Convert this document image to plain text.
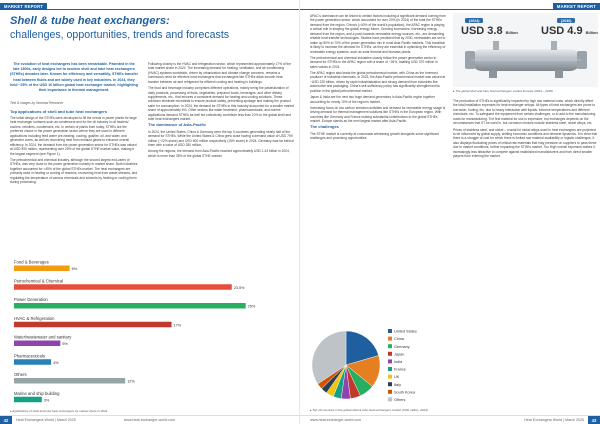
MARKET REPORT
Shell & tube heat exchangers:
challenges, opportunities, trends and forecasts
The evolution of heat exchangers has been remarkable. Patented in the late 1800s, early designs led to modern shell and tube heat exchangers (STHEs) decades later. Known for efficiency and versatility, STHEs transfer heat between fluids and are widely used in key industries. In 2024, they held ~25% of the USD 16 billion global heat exchanger market, highlighting their importance in thermal management.
Text & images by Nominal Research
Top applications of shell and tube heat exchangers

The initial design of the STHEs were developed to fill the needs in power plants for large heat exchanger surfaces such as condensers and for the oil industry in oil heaters/ coolers, reboilers, condensers, etc. In certain of plants from today, STHEs are the preferred choice in the power generation sector where they are used in different applications including feed water pre-heating, cooling, gasifier, oil, and water, and generator cores, as well as recovering heat from exhaust gases to enhance overall efficiency. In 2024, the demand from the power generation sector for STHEs was valued at USD 990 million, representing over 25% of the global STHE market value, making it the largest segment (see Figure 1).

The petrochemical and chemical industry, although the second largest end-users of STHEs, was very close to the power generation industry in market share. Both industries together accounted for >45% of the global STHEs market. The heat exchangers are primarily used in heating or cooling of reactors, recovering heat from waste streams, and regulating the temperature of various chemicals and solvents by heating or cooling them during processing.

Following closely is the HVAC and refrigeration sector, which represented approximately 17% of the total market share in 2024. The increasing demand for heating, ventilation, and air conditioning (HVAC) systems worldwide, driven by urbanization and climate change concerns, remains a continuous need for effective heat exchangers that exchangers like STHEs allow smooth heat transfer between air and refrigerant for efficient cooling and heating in buildings.

The food and beverage industry comprises different operations, mainly being the pasteurization of dairy products, processing of fruits, vegetables, prepared foods, beverages, and other dietary supplements, etc., that ensures a consistent demand for heating and cooling solutions. These solutions eliminate microbials to ensure product safety, preventing spoilage and making the product safer for consumption. In 2024, the demand for STHEs in this industry accounted for a smaller market share of approximately 6%. Other sectors like water treatment, pharmaceuticals, and marine applications demand STHEs as well but collectively contribute less than 10% to the global shell and tube heat exchangers market.

The dominance of Asia-Pacific

In 2024, the United States, China & Germany were the top 3 countries generating nearly half of the demand for STHEs. While the United States & China grew close having a demand value of USD 799 million (~22% share) and USD 600 million respectively (15% share) in 2024, Germany was far behind them with a value of USD 280 million.

Among the regions, the demand from Asia-Pacific reached approximately USD 1.43 billion in 2024, which is more than 35% of the global STHE market.

Food & Beverages
6%
Petrochemical & Chemical
23.5%
Power Generation
25%
HVAC & Refrigeration
17%
Water/wastewater and sanitary
5%
Pharmaceuticals
4%
Others
12%
Marine and ship building
3%
▸ Applications of shell and tube heat exchangers by market share in 2024
42	Heat Exchangers World | March 2025	www.heat-exchanger-world.com
MARKET REPORT

APAC's dominance can be linked to certain factors including a significant demand coming from the power generation sector, which accounted for over 20% (in 2024) of the total the STHEs demand from the region. China's (>40% of the world's population), the APAC region is playing a critical role in shaping the global energy future. Growing economies, increasing energy demand from the region, and a push towards renewable energy sources, etc., are demanding reliable heat transfer technologies. Studies have predicted that by 2030, renewables are set to make up 50% to 70% of the power generation mix in most Asia Pacific markets. This transition is likely to increase the demand for STHEs, as they are essential in optimizing the efficiency of renewable energy systems, such as solar thermal and biomass plants.

The petrochemical and chemical industries closely follow the power generation sector in demand for STHEs in the APAC region with a share of ~26%, totalling USD 370 million in sales values in 2024.

The APAC region also leads the global petrochemical market, with China as the foremost producer of industrial chemicals. In 2023, the Asia-Pacific petrochemical market was valued at ~USD 220 billion, driven by rapid industrialization and strong demand from industries like automotive and packaging. China's self-sufficiency policy has significantly strengthened its position in the global petrochemical market.

Japan & India are the next two huge demand generators in Asia-Pacific region together accounting for nearly 10% of the region's market.

Increasing focus on low carbon emission activities and demand for renewable energy usage is driving demand for thermal management solutions like STHEs in the European region. With countries like Germany and France making substantial contributions to the global STHEs market. Europe stands as the next largest market after Asia-Pacific.

The challenges

The STHE market is currently at crossroads witnessing growth alongside some significant challenges and promising opportunities.

(2024)
USD 3.8 Billion
(2030)
USD 4.9 Billion
▸ The global shell and tube heat exchangers market forecast (2024 – 2030)

The production of STHEs is significantly impacted by high raw material costs, which directly affect the total installation expenses for heat exchanger setups. All types of heat exchangers are prone to corrosion, fouling, etc. due to heavy interaction with liquids, extreme temperatures and different chemicals, etc. To safeguard the equipment from certain challenges, or to add to the manufacturing costs for manufacturing. The first material for use is expensive, but exchanges depends on the circumstances that ST be used in, but corrosion choices include stainless steel, nickel alloys, etc.

Prices of stainless steel, and nickel – crucial for nickel alloys used in heat exchangers are projected to be influenced by global supply, shifting economic conditions and demand dynamics. It is clear that there is a struggle of cost for which there is limited raw material availability or logistic challenges. It also displays fluctuating prices of critical raw materials that may pressure on suppliers to pass these due to market conditions, further impacting the STHEs market. Too High overall expenses makes it increasingly less attractive to compete against established manufacturers and from direct smaller players from entering the market.

United States
China
Germany
Japan
India
France
UK
Italy
South Korea
Others
▸ Top 10 countries in the global shell & tube heat exchangers market (USD million, 2024)
www.heat-exchanger-world.com	Heat Exchangers World | March 2025	43
